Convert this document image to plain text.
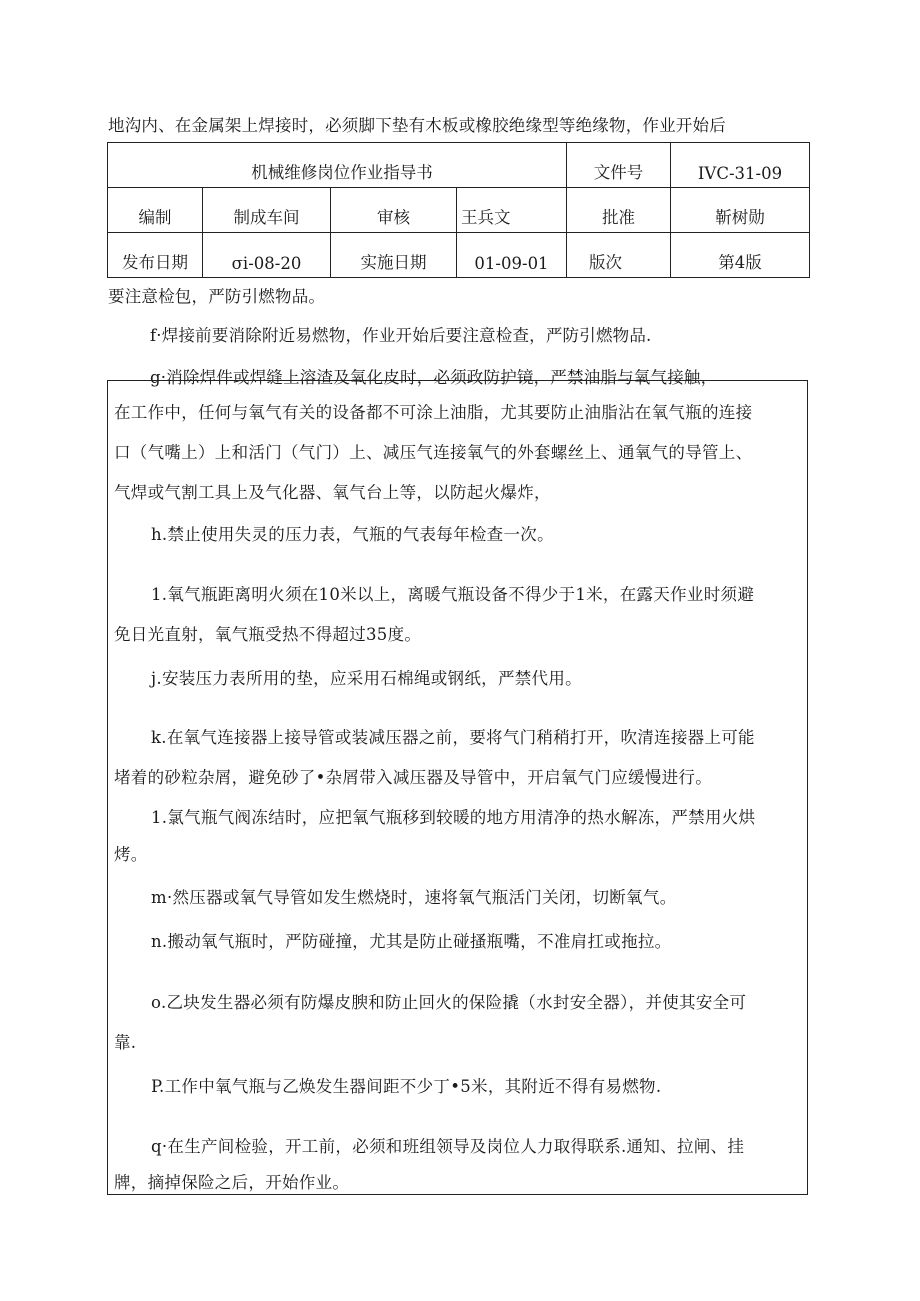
地沟内、在金属架上焊接时，必须脚下垫有木板或橡胶绝缘型等绝缘物，作业开始后
机械维修岗位作业指导书				文件号	IVC-31-09
编制	制成车间	审核	王兵文	批准	靳树勋
发布日期	σi-08-20	实施日期	01-09-01	版次	第4版
要注意检包，严防引燃物品。
f·焊接前要消除附近易燃物，作业开始后要注意检查，严防引燃物品.
g·消除焊件或焊缝上溶渣及氧化皮时，必须政防护镜，严禁油脂与氧气接触，
在工作中，任何与氧气有关的设备都不可涂上油脂，尤其要防止油脂沾在氧气瓶的连接
口（气嘴上）上和活门（气门）上、减压气连接氧气的外套螺丝上、通氧气的导管上、
气焊或气割工具上及气化器、氧气台上等，以防起火爆炸，
h.禁止使用失灵的压力表，气瓶的气表每年检查一次。
1.氧气瓶距离明火须在10米以上，离暖气瓶设备不得少于1米，在露天作业时须避
免日光直射，氧气瓶受热不得超过35度。
j.安装压力表所用的垫，应采用石棉绳或钢纸，严禁代用。
k.在氧气连接器上接导管或装减压器之前，要将气门稍稍打开，吹清连接器上可能
堵着的砂粒杂屑，避免砂了•杂屑带入减压器及导管中，开启氧气门应缓慢进行。
1.氯气瓶气阀冻结时，应把氧气瓶移到较暖的地方用清净的热水解冻，严禁用火烘
烤。
m·然压器或氧气导管如发生燃烧时，速将氧气瓶活门关闭，切断氧气。
n.搬动氧气瓶时，严防碰撞，尤其是防止碰搔瓶嘴，不准肩扛或拖拉。
o.乙块发生器必须有防爆皮腴和防止回火的保险撬（水封安全器），并使其安全可
靠.
P.工作中氧气瓶与乙焕发生器间距不少丁•5米，其附近不得有易燃物.
q·在生产间检验，开工前，必须和班组领导及岗位人力取得联系.通知、拉闸、挂
牌，摘掉保险之后，开始作业。
